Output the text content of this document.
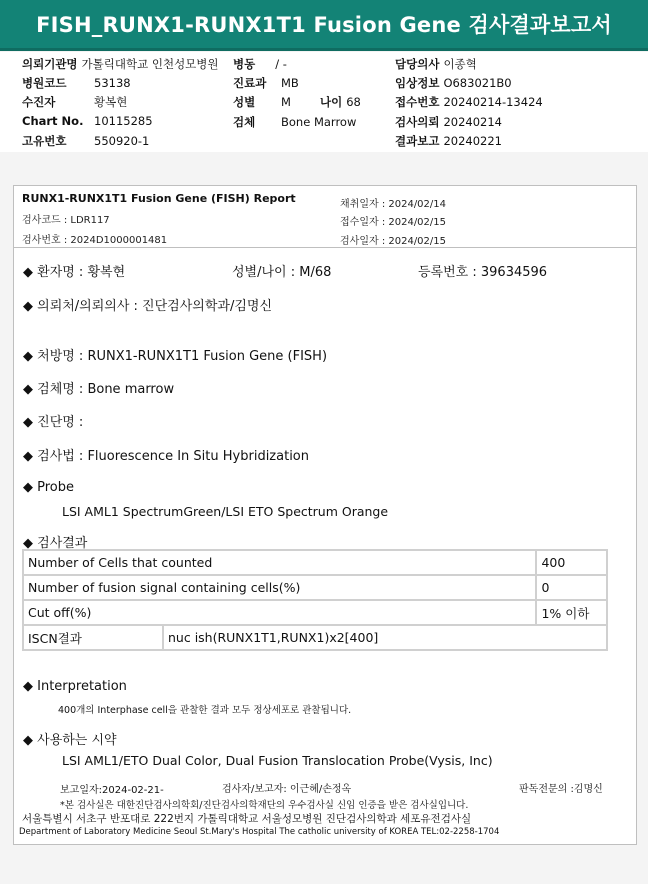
FISH_RUNX1-RUNX1T1 Fusion Gene 검사결과보고서
의뢰기관명 가톨릭대학교 인천성모병원 병동 / -	담당의사 이종혁
병원코드 53138	진료과 MB	임상정보 O683021B0
수진자	황복현	성별 M	나이 68	접수번호 20240214-13424
Chart No. 10115285	검체 Bone Marrow	검사의뢰 20240214
고유번호 550920-1	결과보고 20240221
RUNX1-RUNX1T1 Fusion Gene (FISH) Report
검사코드 : LDR117
검사번호 : 2024D1000001481
채취일자 : 2024/02/14
접수일자 : 2024/02/15
검사일자 : 2024/02/15
◆ 환자명 : 황복현	성별/나이 : M/68	등록번호 : 39634596
◆ 의뢰처/의뢰의사 : 진단검사의학과/김명신
◆ 처방명 : RUNX1-RUNX1T1 Fusion Gene (FISH)
◆ 검체명 : Bone marrow
◆ 진단명 :
◆ 검사법 : Fluorescence In Situ Hybridization
◆ Probe
LSI AML1 SpectrumGreen/LSI ETO Spectrum Orange
◆ 검사결과
Number of Cells that counted		400
Number of fusion signal containing cells(%)		0
Cut off(%)		1% 이하
ISCN결과	nuc ish(RUNX1T1,RUNX1)x2[400]	
◆ Interpretation
400개의 Interphase cell을 관찰한 결과 모두 정상세포로 관찰됩니다.
◆ 사용하는 시약
LSI AML1/ETO Dual Color, Dual Fusion Translocation Probe(Vysis, Inc)
보고일자:2024-02-21-	검사자/보고자: 이근혜/손정옥	판독전문의 :김명신
*본 검사실은 대한진단검사의학회/진단검사의학재단의 우수검사실 신임 인증을 받은 검사실입니다.
서울특별시 서초구 반포대로 222번지 가톨릭대학교 서울성모병원 진단검사의학과 세포유전검사실
Department of Laboratory Medicine Seoul St.Mary's Hospital The catholic university of KOREA TEL:02-2258-1704
